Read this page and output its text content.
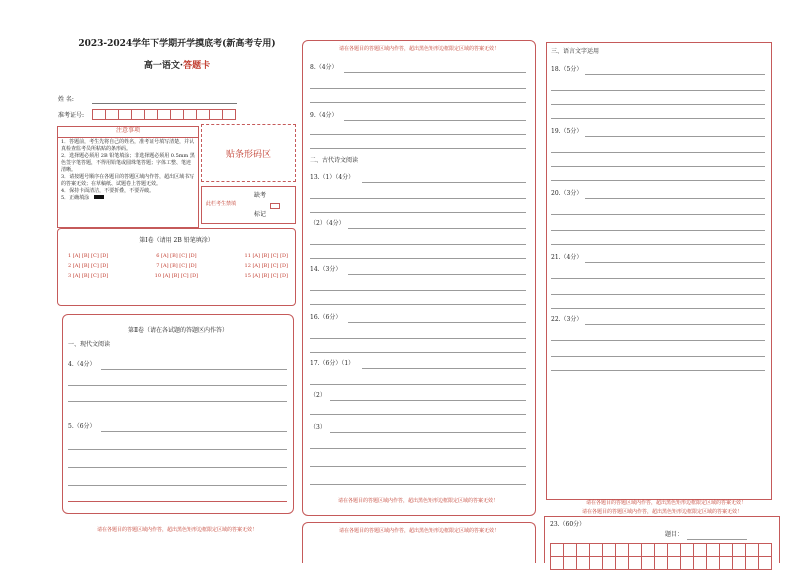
2023-2024学年下学期开学摸底考(新高考专用)
高一语文·答题卡
姓 名:
准考证号:
注意事项
1．答题前，考生先将自己的姓名，准考证号填写清楚，并认真检查监考员所粘贴的条形码。
2．选择题必须用 2B 铅笔填涂；非选择题必须用 0.5mm 黑色签字笔答题，不得用铅笔或圆珠笔答题；字体工整、笔迹清晰。
3．请按题号顺序在各题目的答题区域内作答，超出区域书写的答案无效；在草稿纸、试题卷上答题无效。
4．保持卡面清洁，不要折叠，不要弄破。
5．正确填涂
贴条形码区
此栏考生禁填
缺考
标记
第Ⅰ卷（请用 2B 铅笔填涂）
1 [A] [B] [C] [D]	6 [A] [B] [C] [D]	11 [A] [B] [C] [D]
2 [A] [B] [C] [D]	7 [A] [B] [C] [D]	12 [A] [B] [C] [D]
3 [A] [B] [C] [D]	10 [A] [B] [C] [D]	15 [A] [B] [C] [D]
第Ⅱ卷（请在各试题的答题区内作答）
一、现代文阅读
4.（4分）
5.（6分）
请在各题目的答题区域内作答，超出黑色矩形边框限定区域的答案无效！
请在各题目的答题区域内作答，超出黑色矩形边框限定区域的答案无效！
8.（4分）
9.（4分）
二、古代诗文阅读
13.（1）（4分）
（2）（4分）
14.（3分）
16.（6分）
17.（6分）（1）
（2）
（3）
请在各题目的答题区域内作答，超出黑色矩形边框限定区域的答案无效！
请在各题目的答题区域内作答，超出黑色矩形边框限定区域的答案无效！
三、语言文字运用
18.（5分）
19.（5分）
20.（3分）
21.（4分）
22.（3分）
请在各题目的答题区域内作答，超出黑色矩形边框限定区域的答案无效！
请在各题目的答题区域内作答，超出黑色矩形边框限定区域的答案无效！
23.（60分）
题目：
